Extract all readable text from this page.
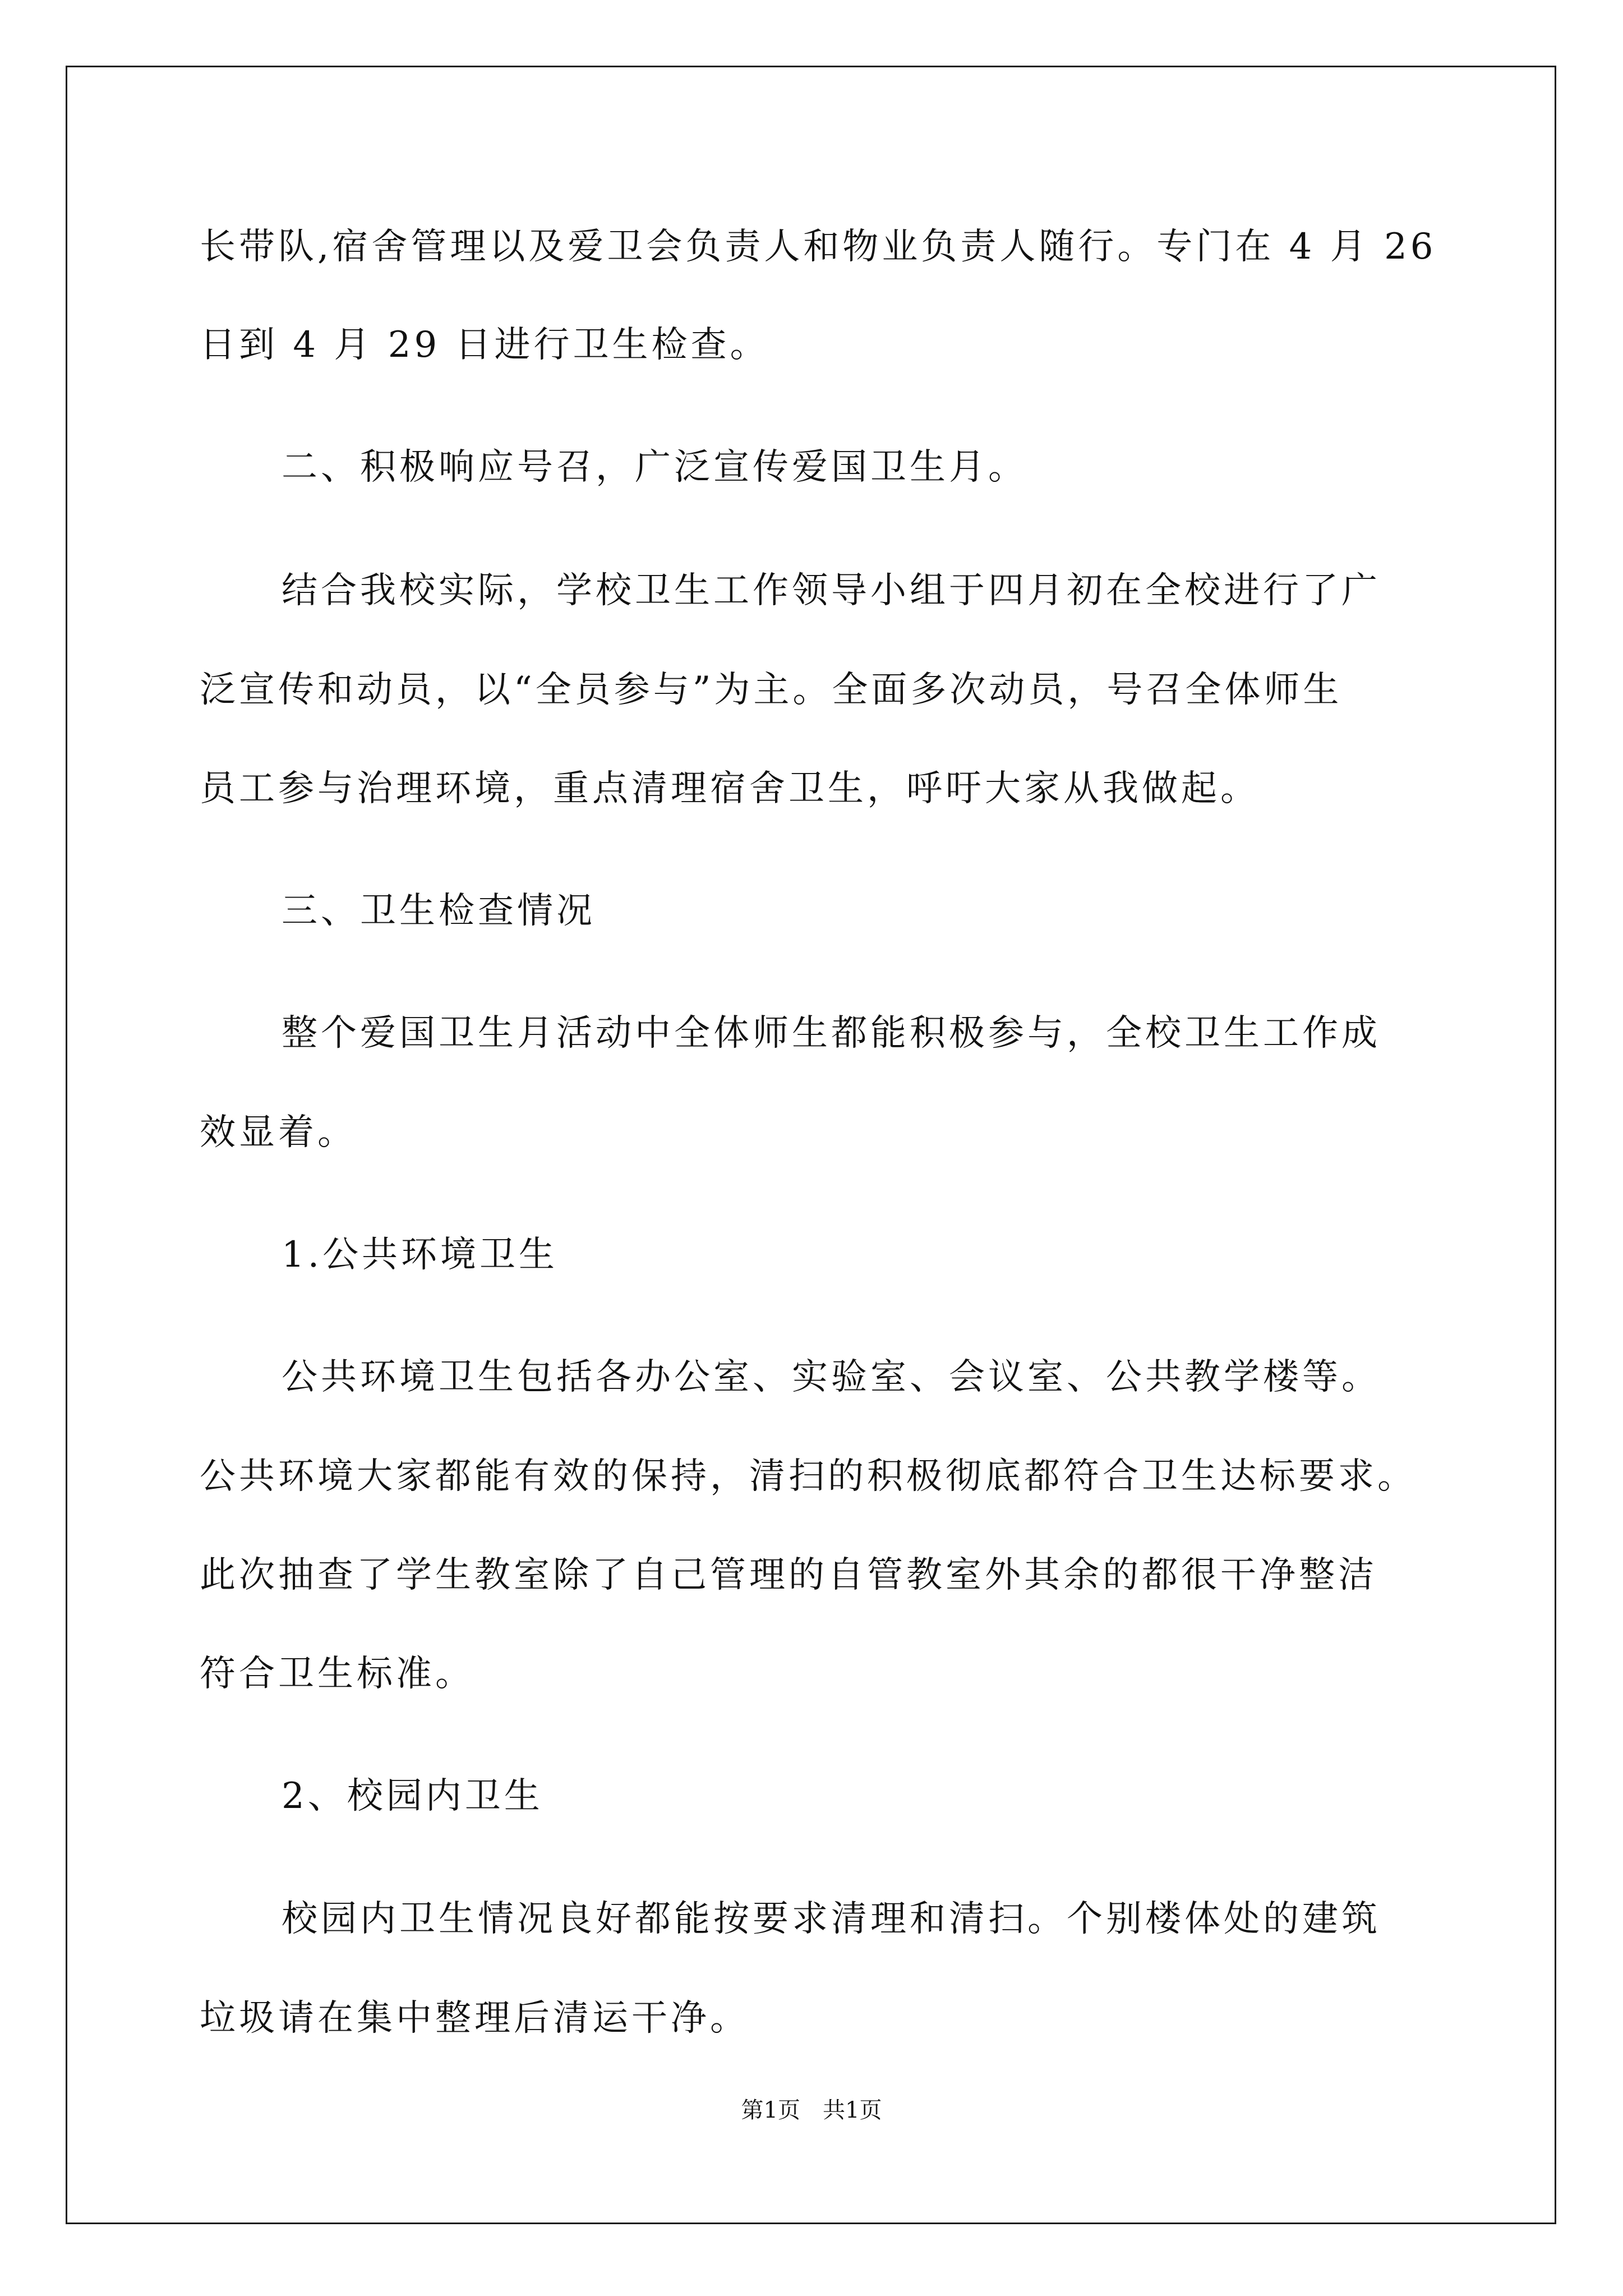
长带队,宿舍管理以及爱卫会负责人和物业负责人随行。专门在 4 月 26
日到 4 月 29 日进行卫生检查。
二、积极响应号召，广泛宣传爱国卫生月。
结合我校实际，学校卫生工作领导小组于四月初在全校进行了广
泛宣传和动员，以“全员参与”为主。全面多次动员，号召全体师生
员工参与治理环境，重点清理宿舍卫生，呼吁大家从我做起。
三、卫生检查情况
整个爱国卫生月活动中全体师生都能积极参与，全校卫生工作成
效显着。
1.公共环境卫生
公共环境卫生包括各办公室、实验室、会议室、公共教学楼等。
公共环境大家都能有效的保持，清扫的积极彻底都符合卫生达标要求。
此次抽查了学生教室除了自己管理的自管教室外其余的都很干净整洁
符合卫生标准。
2、校园内卫生
校园内卫生情况良好都能按要求清理和清扫。个别楼体处的建筑
垃圾请在集中整理后清运干净。
第1页 共1页
